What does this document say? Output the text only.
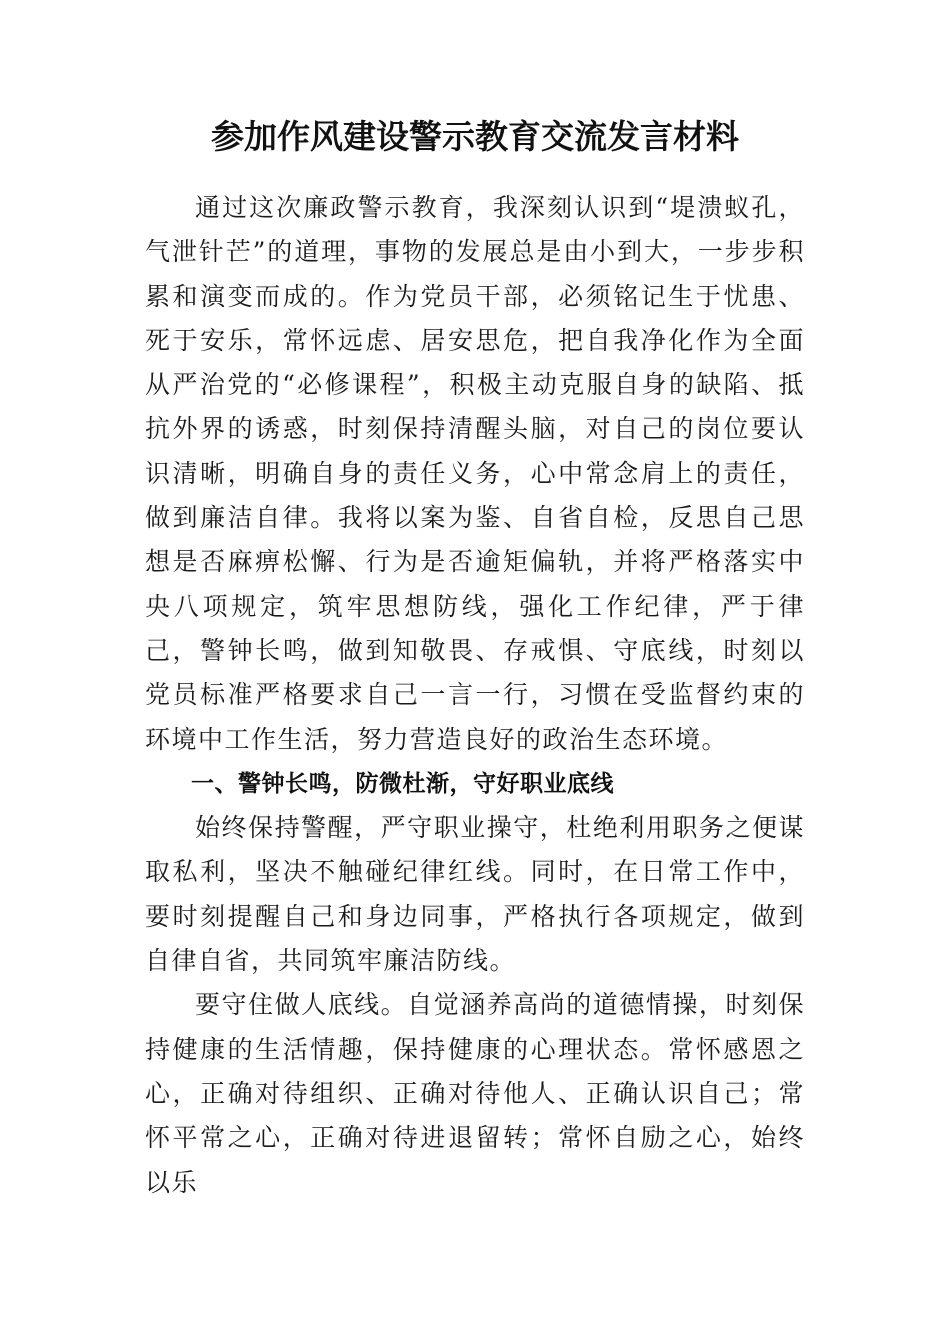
参加作风建设警示教育交流发言材料

通过这次廉政警示教育，我深刻认识到“堤溃蚁孔，气泄针芒”的道理，事物的发展总是由小到大，一步步积累和演变而成的。作为党员干部，必须铭记生于忧患、死于安乐，常怀远虑、居安思危，把自我净化作为全面从严治党的“必修课程”，积极主动克服自身的缺陷、抵抗外界的诱惑，时刻保持清醒头脑，对自己的岗位要认识清晰，明确自身的责任义务，心中常念肩上的责任，做到廉洁自律。我将以案为鉴、自省自检，反思自己思想是否麻痹松懈、行为是否逾矩偏轨，并将严格落实中央八项规定，筑牢思想防线，强化工作纪律，严于律己，警钟长鸣，做到知敬畏、存戒惧、守底线，时刻以党员标准严格要求自己一言一行，习惯在受监督约束的环境中工作生活，努力营造良好的政治生态环境。

一、警钟长鸣，防微杜渐，守好职业底线

始终保持警醒，严守职业操守，杜绝利用职务之便谋取私利，坚决不触碰纪律红线。同时，在日常工作中，要时刻提醒自己和身边同事，严格执行各项规定，做到自律自省，共同筑牢廉洁防线。

要守住做人底线。自觉涵养高尚的道德情操，时刻保持健康的生活情趣，保持健康的心理状态。常怀感恩之心，正确对待组织、正确对待他人、正确认识自己；常怀平常之心，正确对待进退留转；常怀自励之心，始终以乐
